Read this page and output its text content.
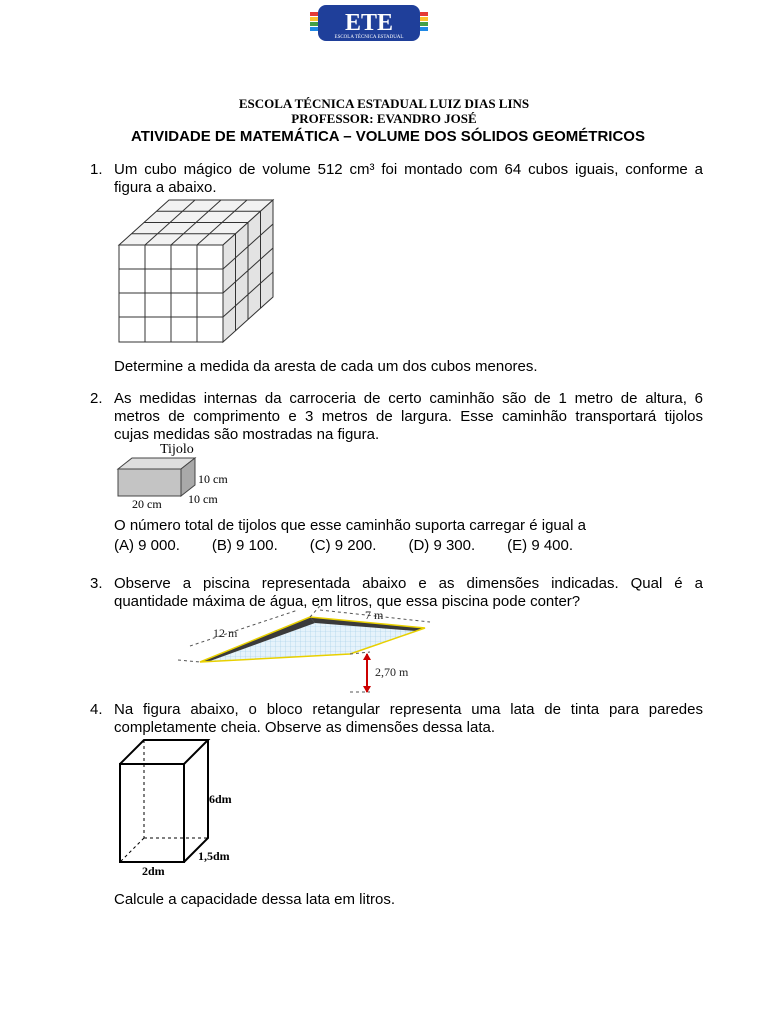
ETE
ESCOLA TÉCNICA ESTADUAL
ESCOLA TÉCNICA ESTADUAL LUIZ DIAS LINS
PROFESSOR: EVANDRO JOSÉ
ATIVIDADE DE MATEMÁTICA – VOLUME DOS SÓLIDOS GEOMÉTRICOS
1. Um cubo mágico de volume 512 cm³ foi montado com 64 cubos iguais, conforme a
figura a abaixo.
Determine a medida da aresta de cada um dos cubos menores.
2. As medidas internas da carroceria de certo caminhão são de 1 metro de altura, 6
metros de comprimento e 3 metros de largura. Esse caminhão transportará tijolos
cujas medidas são mostradas na figura.
Tijolo
10 cm
10 cm
20 cm
O número total de tijolos que esse caminhão suporta carregar é igual a
(A) 9 000. (B) 9 100. (C) 9 200. (D) 9 300. (E) 9 400.
3. Observe a piscina representada abaixo e as dimensões indicadas. Qual é a
quantidade máxima de água, em litros, que essa piscina pode conter?
12 m
7 m
2,70 m
4. Na figura abaixo, o bloco retangular representa uma lata de tinta para paredes
completamente cheia. Observe as dimensões dessa lata.
6dm
1,5dm
2dm
Calcule a capacidade dessa lata em litros.
